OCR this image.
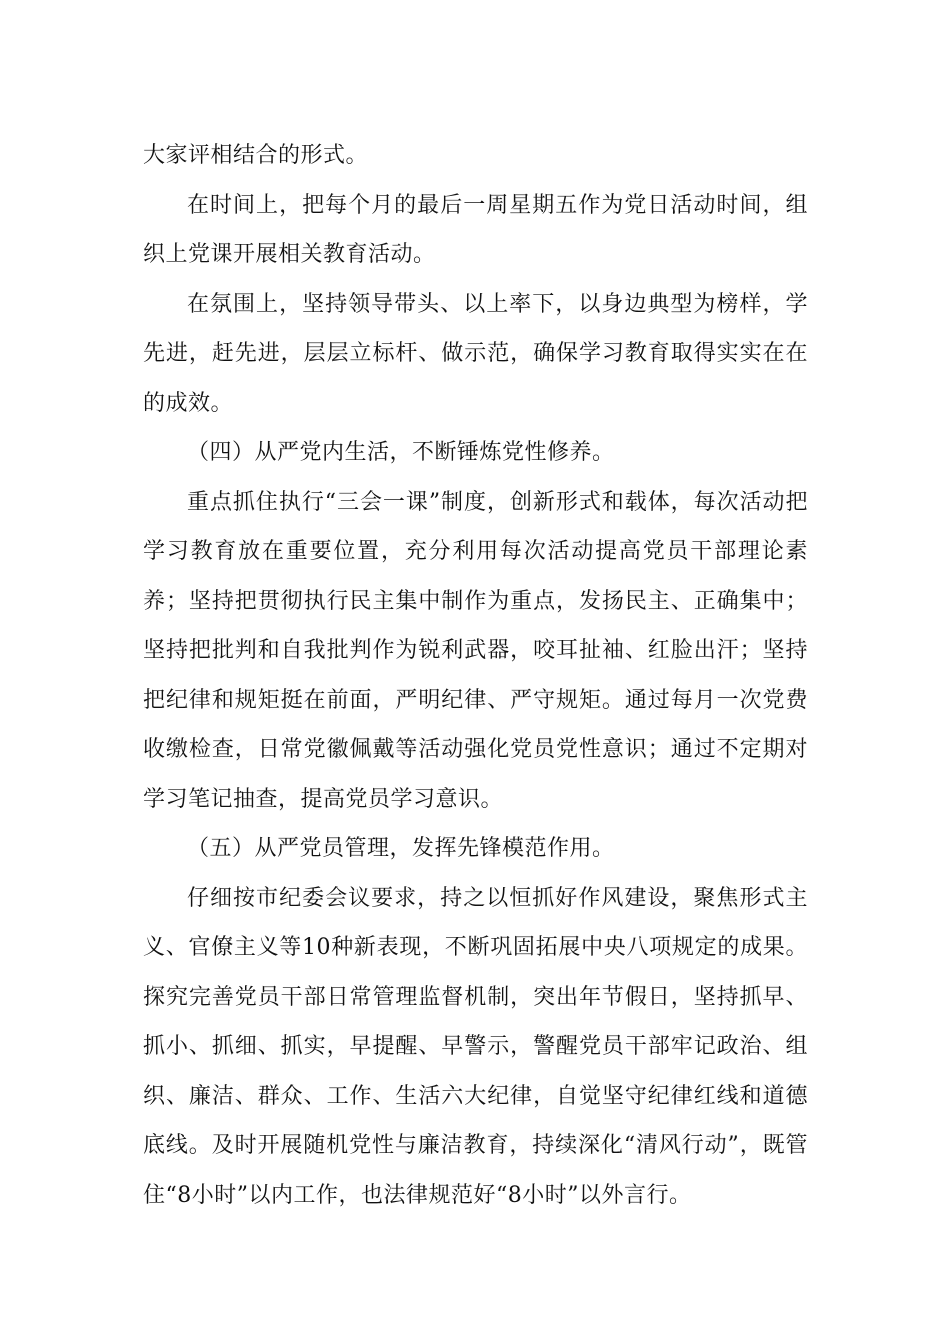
大家评相结合的形式。

在时间上，把每个月的最后一周星期五作为党日活动时间，组织上党课开展相关教育活动。

在氛围上，坚持领导带头、以上率下，以身边典型为榜样，学先进，赶先进，层层立标杆、做示范，确保学习教育取得实实在在的成效。

（四）从严党内生活，不断锤炼党性修养。

重点抓住执行“三会一课”制度，创新形式和载体，每次活动把学习教育放在重要位置，充分利用每次活动提高党员干部理论素养；坚持把贯彻执行民主集中制作为重点，发扬民主、正确集中；坚持把批判和自我批判作为锐利武器，咬耳扯袖、红脸出汗；坚持把纪律和规矩挺在前面，严明纪律、严守规矩。通过每月一次党费收缴检查，日常党徽佩戴等活动强化党员党性意识；通过不定期对学习笔记抽查，提高党员学习意识。

（五）从严党员管理，发挥先锋模范作用。

仔细按市纪委会议要求，持之以恒抓好作风建设，聚焦形式主义、官僚主义等10种新表现，不断巩固拓展中央八项规定的成果。探究完善党员干部日常管理监督机制，突出年节假日，坚持抓早、抓小、抓细、抓实，早提醒、早警示，警醒党员干部牢记政治、组织、廉洁、群众、工作、生活六大纪律，自觉坚守纪律红线和道德底线。及时开展随机党性与廉洁教育，持续深化“清风行动”，既管住“8小时”以内工作，也法律规范好“8小时”以外言行。
